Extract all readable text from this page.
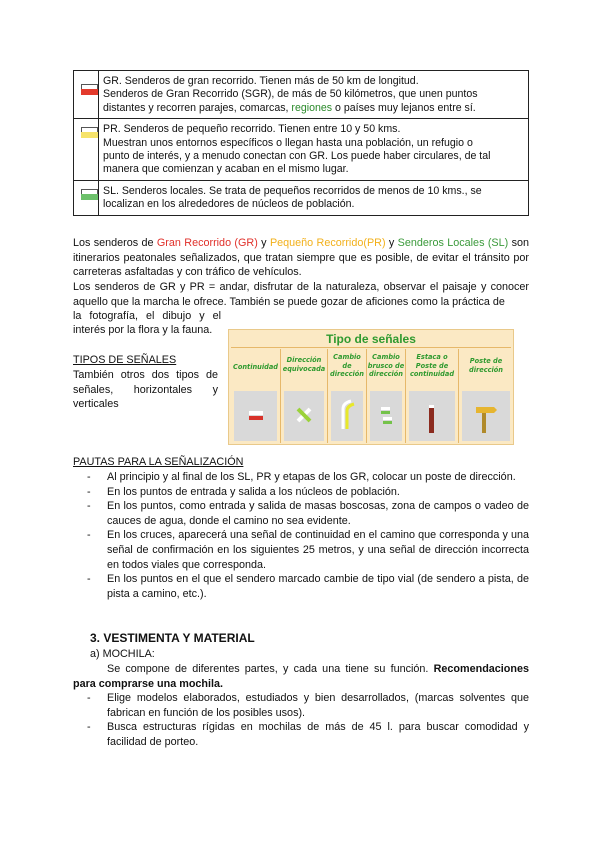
	GR. Senderos de gran recorrido. Tienen más de 50 km de longitud.
Senderos de Gran Recorrido (SGR), de más de 50 kilómetros, que unen puntos
distantes y recorren parajes, comarcas, regiones o países muy lejanos entre sí.

	PR. Senderos de pequeño recorrido. Tienen entre 10 y 50 kms.
Muestran unos entornos específicos o llegan hasta una población, un refugio o
punto de interés, y a menudo conectan con GR. Los puede haber circulares, de tal
manera que comienzan y acaban en el mismo lugar.

	SL. Senderos locales. Se trata de pequeños recorridos de menos de 10 kms., se
localizan en los alrededores de núcleos de población.

Los senderos de Gran Recorrido (GR) y Pequeño Recorrido(PR) y Senderos Locales (SL) son itinerarios peatonales señalizados, que tratan siempre que es posible, de evitar el tránsito por carreteras asfaltadas y con tráfico de vehículos.

Los senderos de GR y PR = andar, disfrutar de la naturaleza, observar el paisaje y conocer aquello que la marcha le ofrece. También se puede gozar de aficiones como la práctica de

la fotografía, el dibujo y el
interés por la flora y la fauna.
TIPOS DE SEÑALES
También otros dos tipos de señales, horizontales y verticales
Tipo de señales
Continuidad
Dirección equivocada
Cambio de dirección
Cambio brusco de dirección
Estaca o Poste de continuidad
Poste de dirección
PAUTAS PARA LA SEÑALIZACIÓN
- Al principio y al final de los SL, PR y etapas de los GR, colocar un poste de dirección.
- En los puntos de entrada y salida a los núcleos de población.
- En los puntos, como entrada y salida de masas boscosas, zona de campos o vadeo de cauces de agua, donde el camino no sea evidente.
- En los cruces, aparecerá una señal de continuidad en el camino que corresponda y una señal de confirmación en los siguientes 25 metros, y una señal de dirección incorrecta en todos viales que corresponda.
- En los puntos en el que el sendero marcado cambie de tipo vial (de sendero a pista, de pista a camino, etc.).
3. VESTIMENTA Y MATERIAL
a) MOCHILA:

Se compone de diferentes partes, y cada una tiene su función. Recomendaciones para comprarse una mochila.

- Elige modelos elaborados, estudiados y bien desarrollados, (marcas solventes que fabrican en función de los posibles usos).
- Busca estructuras rígidas en mochilas de más de 45 l. para buscar comodidad y facilidad de porteo.
